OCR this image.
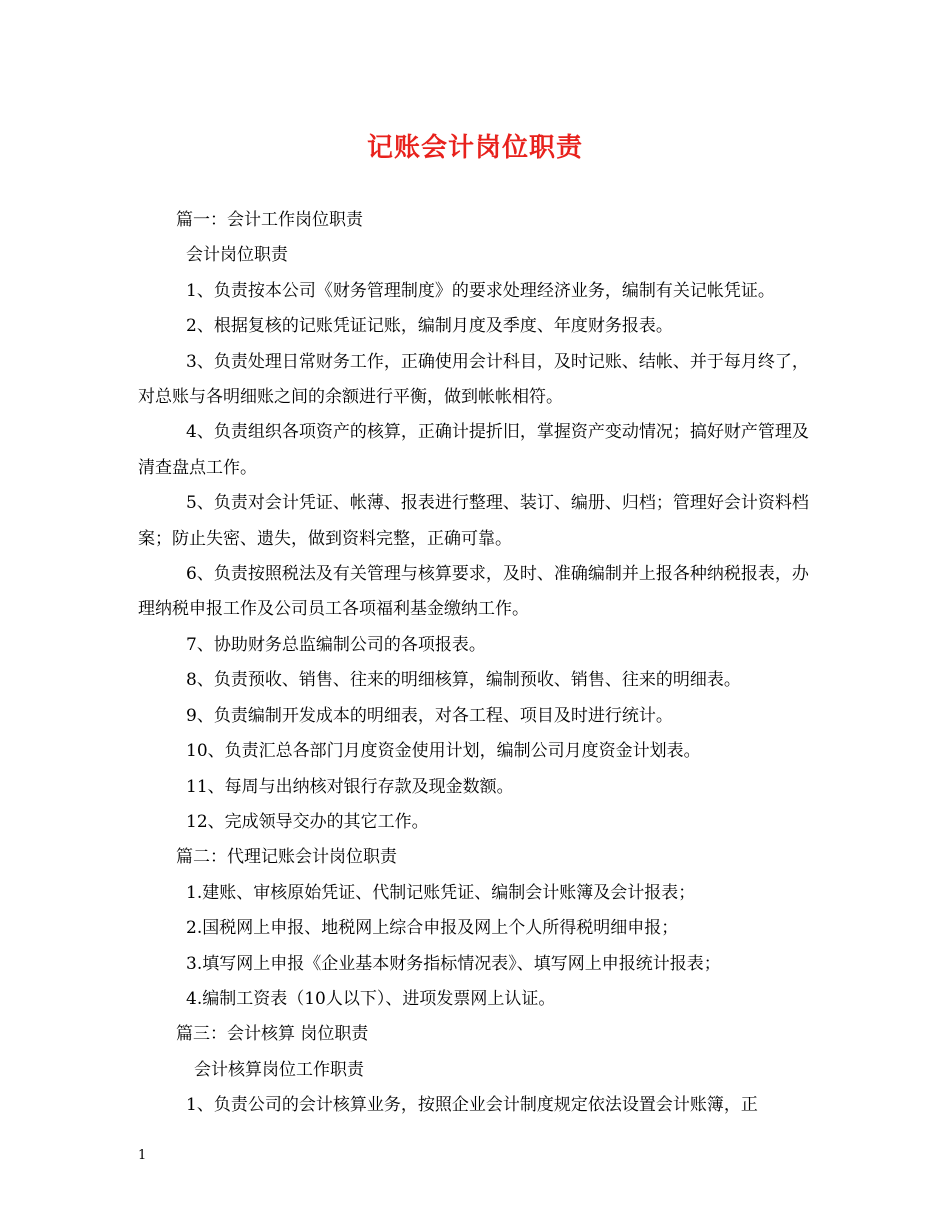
记账会计岗位职责

篇一：会计工作岗位职责

会计岗位职责

1、负责按本公司《财务管理制度》的要求处理经济业务，编制有关记帐凭证。

2、根据复核的记账凭证记账，编制月度及季度、年度财务报表。

3、负责处理日常财务工作，正确使用会计科目，及时记账、结帐、并于每月终了，对总账与各明细账之间的余额进行平衡，做到帐帐相符。

4、负责组织各项资产的核算，正确计提折旧，掌握资产变动情况；搞好财产管理及清查盘点工作。

5、负责对会计凭证、帐薄、报表进行整理、装订、编册、归档；管理好会计资料档案；防止失密、遗失，做到资料完整，正确可靠。

6、负责按照税法及有关管理与核算要求，及时、准确编制并上报各种纳税报表，办理纳税申报工作及公司员工各项福利基金缴纳工作。

7、协助财务总监编制公司的各项报表。

8、负责预收、销售、往来的明细核算，编制预收、销售、往来的明细表。

9、负责编制开发成本的明细表，对各工程、项目及时进行统计。

10、负责汇总各部门月度资金使用计划，编制公司月度资金计划表。

11、每周与出纳核对银行存款及现金数额。

12、完成领导交办的其它工作。

篇二：代理记账会计岗位职责

1.建账、审核原始凭证、代制记账凭证、编制会计账簿及会计报表；

2.国税网上申报、地税网上综合申报及网上个人所得税明细申报；

3.填写网上申报《企业基本财务指标情况表》、填写网上申报统计报表；

4.编制工资表（10人以下）、进项发票网上认证。

篇三：会计核算 岗位职责

会计核算岗位工作职责

1、负责公司的会计核算业务，按照企业会计制度规定依法设置会计账簿，正

1
